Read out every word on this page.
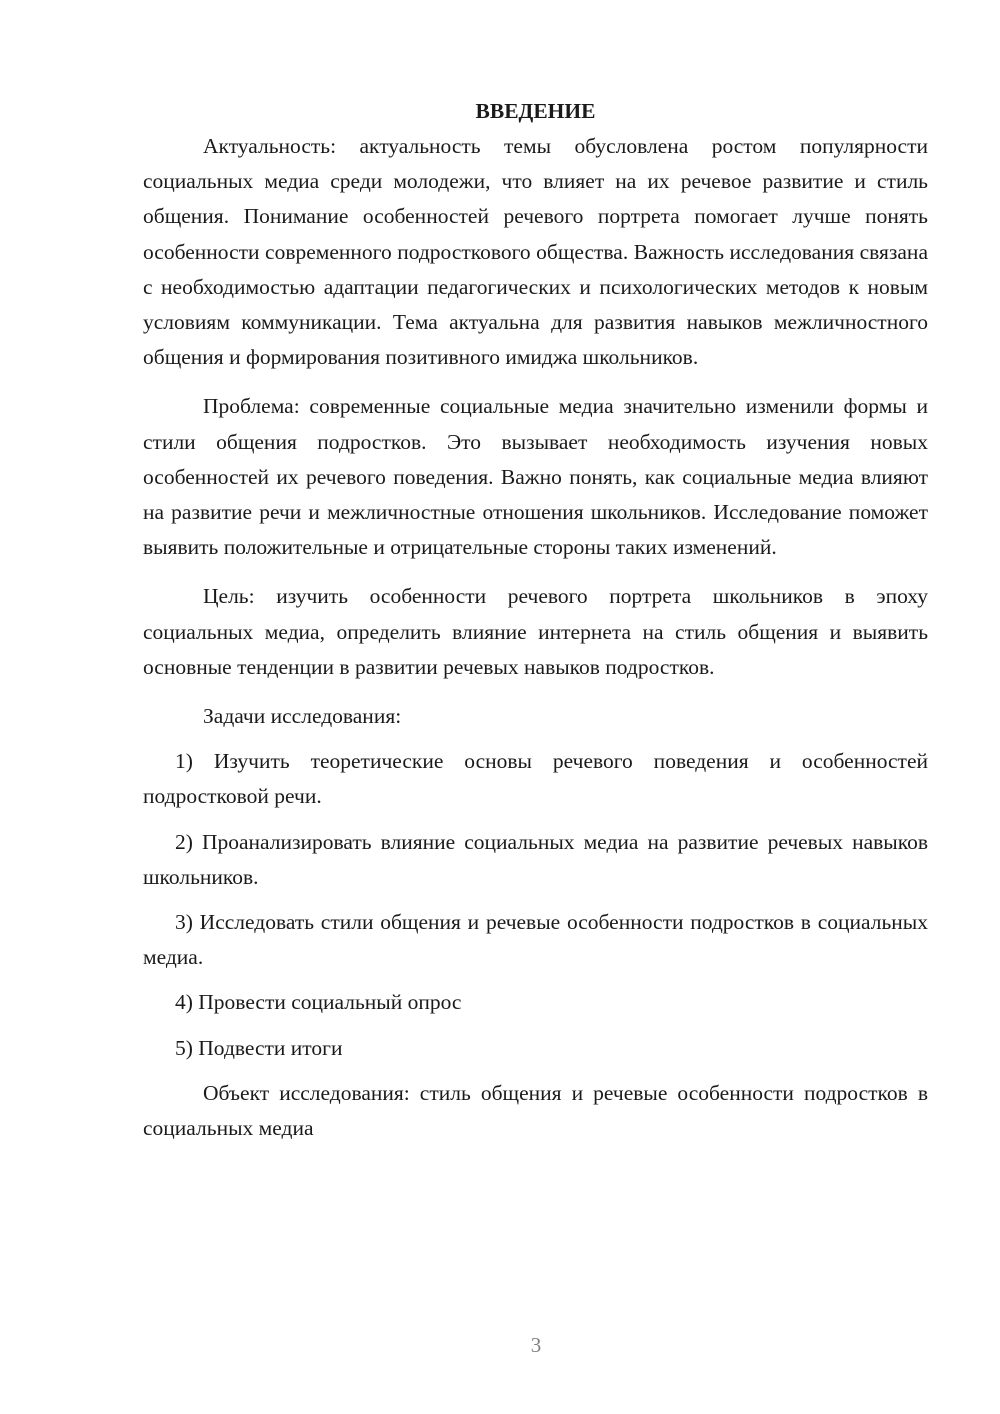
ВВЕДЕНИЕ

Актуальность: актуальность темы обусловлена ростом популярности социальных медиа среди молодежи, что влияет на их речевое развитие и стиль общения. Понимание особенностей речевого портрета помогает лучше понять особенности современного подросткового общества. Важность исследования связана с необходимостью адаптации педагогических и психологических методов к новым условиям коммуникации. Тема актуальна для развития навыков межличностного общения и формирования позитивного имиджа школьников.

Проблема: современные социальные медиа значительно изменили формы и стили общения подростков. Это вызывает необходимость изучения новых особенностей их речевого поведения. Важно понять, как социальные медиа влияют на развитие речи и межличностные отношения школьников. Исследование поможет выявить положительные и отрицательные стороны таких изменений.

Цель: изучить особенности речевого портрета школьников в эпоху социальных медиа, определить влияние интернета на стиль общения и выявить основные тенденции в развитии речевых навыков подростков.

Задачи исследования:

1) Изучить теоретические основы речевого поведения и особенностей подростковой речи.

2) Проанализировать влияние социальных медиа на развитие речевых навыков школьников.

3) Исследовать стили общения и речевые особенности подростков в социальных медиа.

4) Провести социальный опрос

5) Подвести итоги

Объект исследования: стиль общения и речевые особенности подростков в социальных медиа

3
